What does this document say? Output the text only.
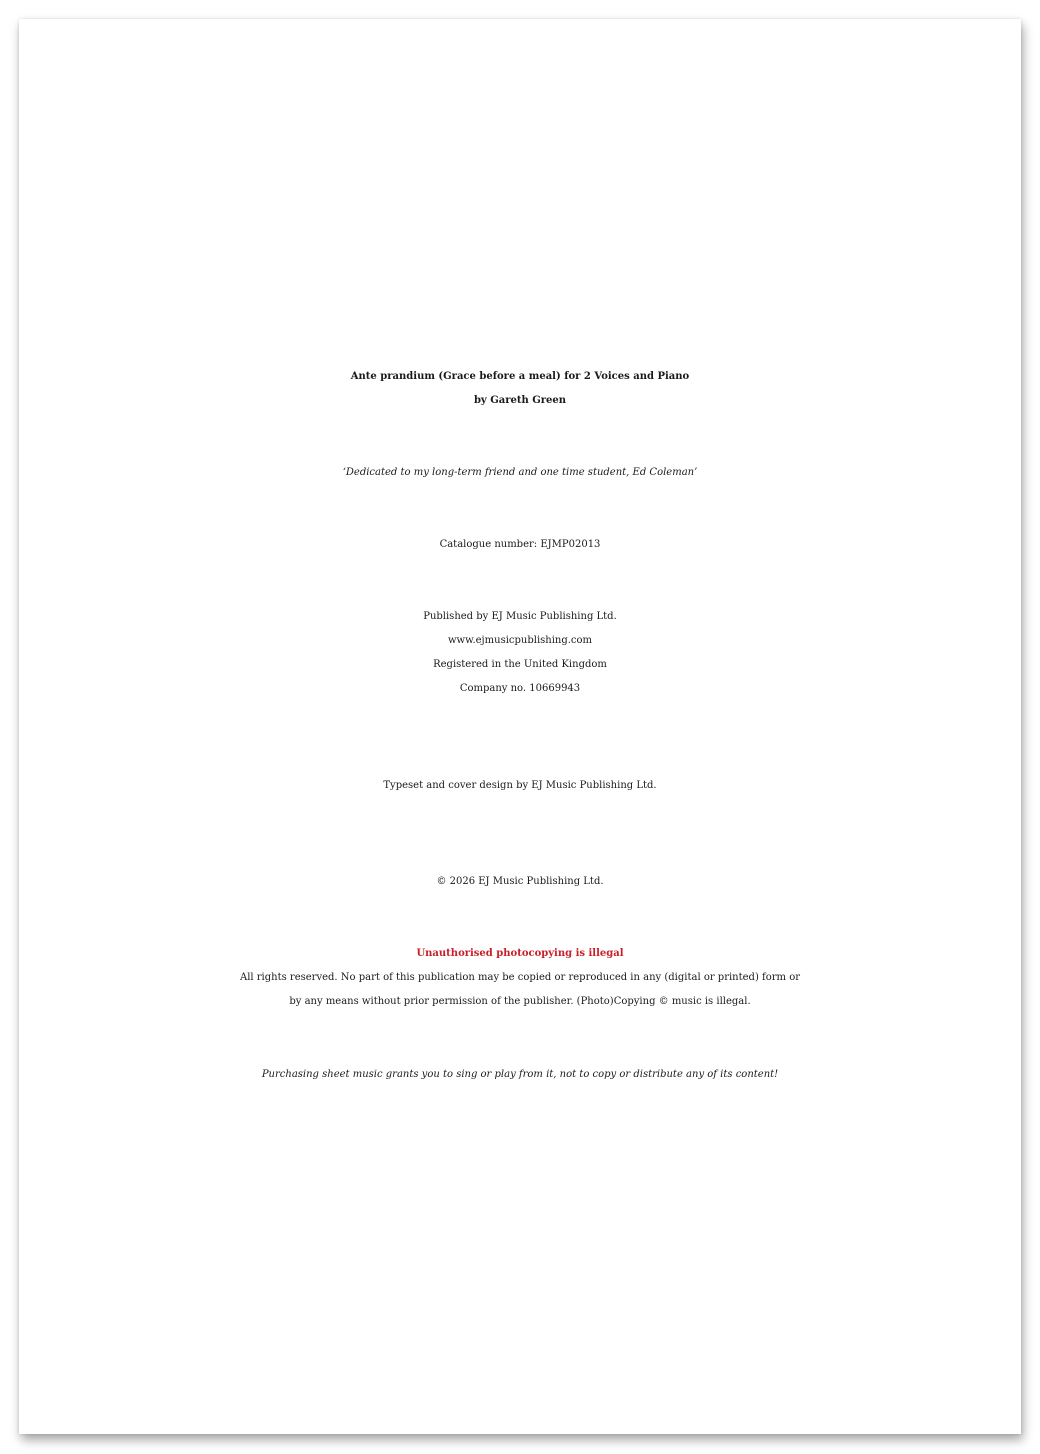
Ante prandium (Grace before a meal) for 2 Voices and Piano
by Gareth Green
‘Dedicated to my long-term friend and one time student, Ed Coleman’
Catalogue number: EJMP02013
Published by EJ Music Publishing Ltd.
www.ejmusicpublishing.com
Registered in the United Kingdom
Company no. 10669943
Typeset and cover design by EJ Music Publishing Ltd.
© 2026 EJ Music Publishing Ltd.
Unauthorised photocopying is illegal
All rights reserved. No part of this publication may be copied or reproduced in any (digital or printed) form or
by any means without prior permission of the publisher. (Photo)Copying © music is illegal.
Purchasing sheet music grants you to sing or play from it, not to copy or distribute any of its content!
